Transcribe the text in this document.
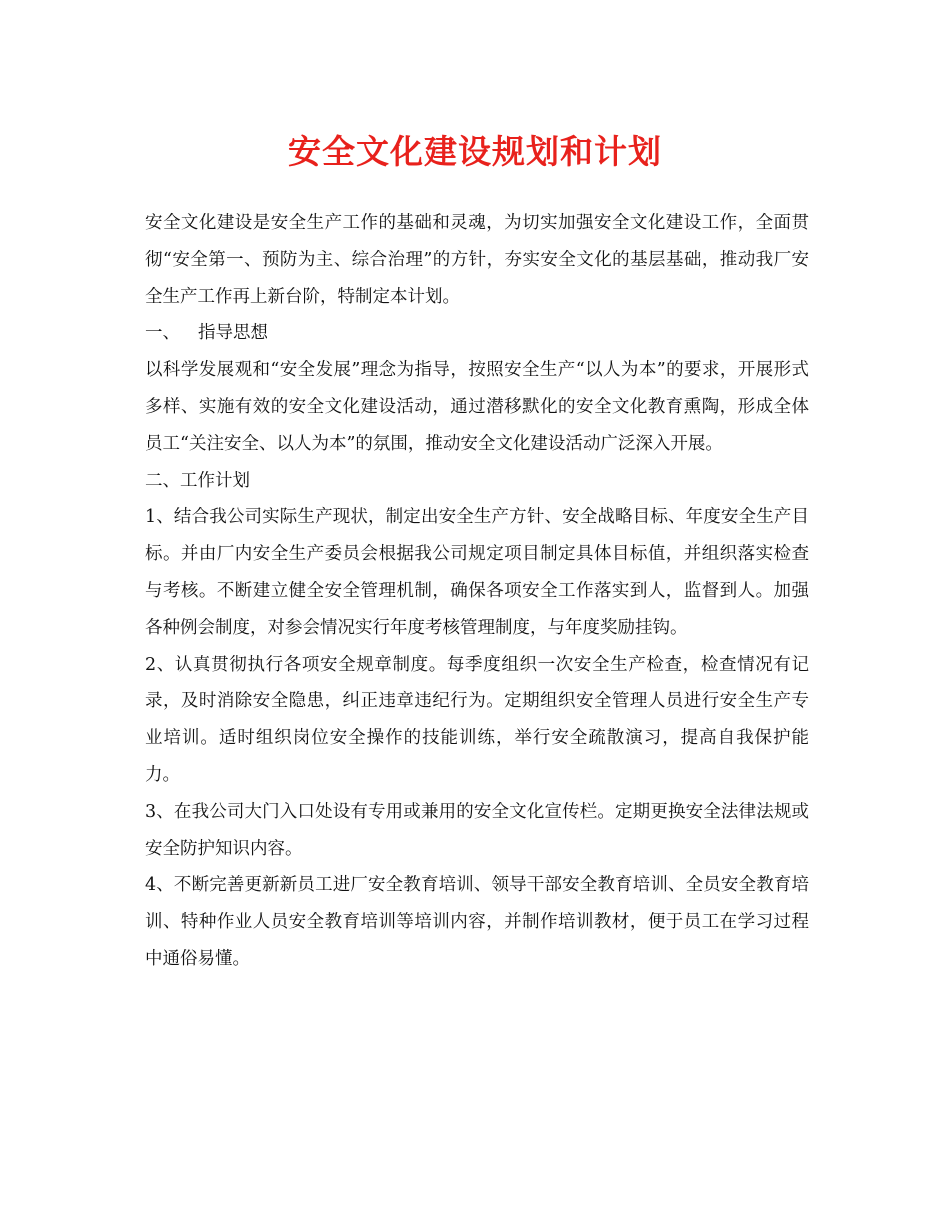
安全文化建设规划和计划

安全文化建设是安全生产工作的基础和灵魂，为切实加强安全文化建设工作，全面贯彻“安全第一、预防为主、综合治理”的方针，夯实安全文化的基层基础，推动我厂安全生产工作再上新台阶，特制定本计划。

一、 指导思想

以科学发展观和“安全发展”理念为指导，按照安全生产“以人为本”的要求，开展形式多样、实施有效的安全文化建设活动，通过潜移默化的安全文化教育熏陶，形成全体员工“关注安全、以人为本”的氛围，推动安全文化建设活动广泛深入开展。

二、工作计划

1、结合我公司实际生产现状，制定出安全生产方针、安全战略目标、年度安全生产目标。并由厂内安全生产委员会根据我公司规定项目制定具体目标值，并组织落实检查与考核。不断建立健全安全管理机制，确保各项安全工作落实到人，监督到人。加强各种例会制度，对参会情况实行年度考核管理制度，与年度奖励挂钩。

2、认真贯彻执行各项安全规章制度。每季度组织一次安全生产检查，检查情况有记录，及时消除安全隐患，纠正违章违纪行为。定期组织安全管理人员进行安全生产专业培训。适时组织岗位安全操作的技能训练，举行安全疏散演习，提高自我保护能力。

3、在我公司大门入口处设有专用或兼用的安全文化宣传栏。定期更换安全法律法规或安全防护知识内容。

4、不断完善更新新员工进厂安全教育培训、领导干部安全教育培训、全员安全教育培训、特种作业人员安全教育培训等培训内容，并制作培训教材，便于员工在学习过程中通俗易懂。
